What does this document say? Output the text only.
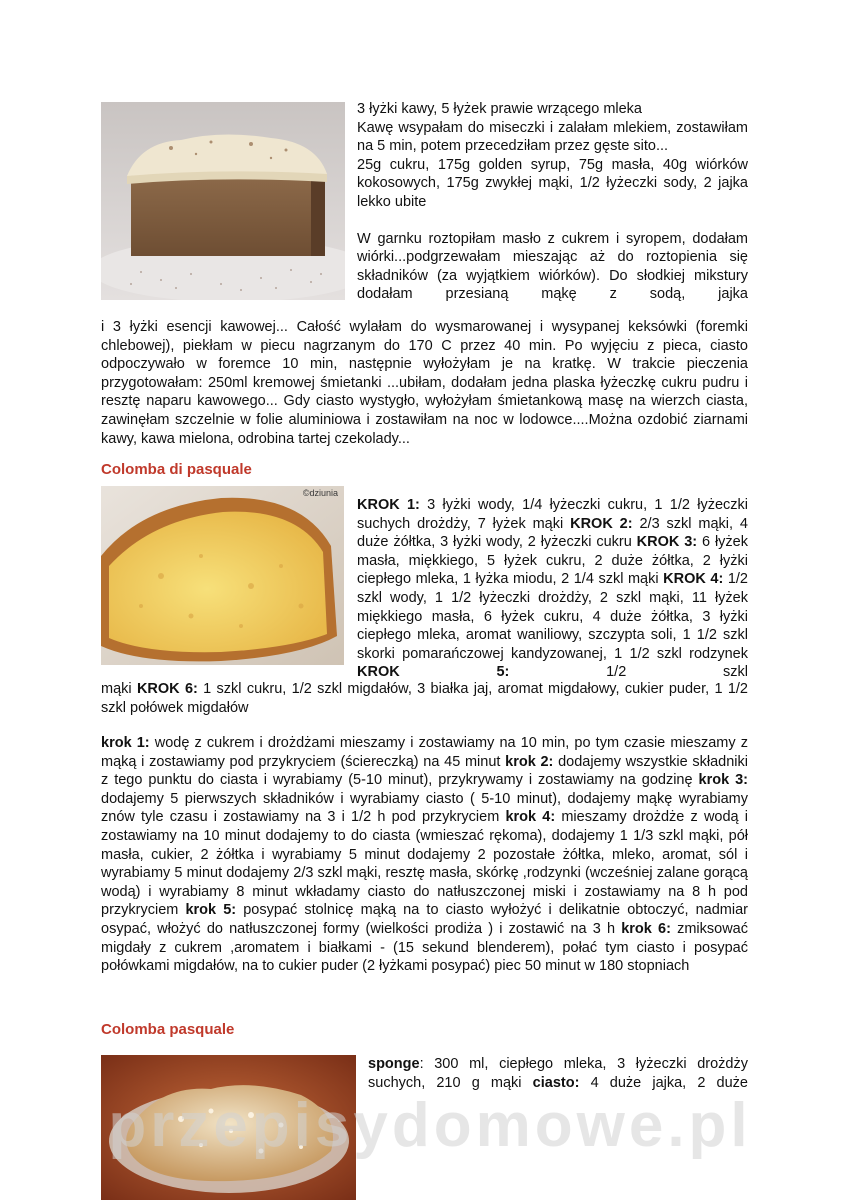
3 łyżki kawy, 5 łyżek prawie wrzącego mleka

Kawę wsypałam do miseczki i zalałam mlekiem, zostawiłam na 5 min, potem przecedziłam przez gęste sito...

25g cukru, 175g golden syrup, 75g masła, 40g wiórków kokosowych, 175g zwykłej mąki, 1/2 łyżeczki sody, 2 jajka lekko ubite

W garnku roztopiłam masło z cukrem i syropem, dodałam wiórki...podgrzewałam mieszając aż do roztopienia się składników (za wyjątkiem wiórków). Do słodkiej mikstury dodałam przesianą mąkę z sodą, jajka

i 3 łyżki esencji kawowej... Całość wylałam do wysmarowanej i wysypanej keksówki (foremki chlebowej), piekłam w piecu nagrzanym do 170 C przez 40 min. Po wyjęciu z pieca, ciasto odpoczywało w foremce 10 min, następnie wyłożyłam je na kratkę. W trakcie pieczenia przygotowałam: 250ml kremowej śmietanki ...ubiłam, dodałam jedna plaska łyżeczkę cukru pudru i resztę naparu kawowego... Gdy ciasto wystygło, wyłożyłam śmietankową masę na wierzch ciasta, zawinęłam szczelnie w folie aluminiowa i zostawiłam na noc w lodowce....Można ozdobić ziarnami kawy, kawa mielona, odrobina tartej czekolady...

Colomba di pasquale
©dziunia

KROK 1: 3 łyżki wody, 1/4 łyżeczki cukru, 1 1/2 łyżeczki suchych drożdży, 7 łyżek mąki KROK 2: 2/3 szkl mąki, 4 duże żółtka, 3 łyżki wody, 2 łyżeczki cukru KROK 3: 6 łyżek masła, miękkiego, 5 łyżek cukru, 2 duże żółtka, 2 łyżki ciepłego mleka, 1 łyżka miodu, 2 1/4 szkl mąki KROK 4: 1/2 szkl wody, 1 1/2 łyżeczki drożdży, 2 szkl mąki, 11 łyżek miękkiego masła, 6 łyżek cukru, 4 duże żółtka, 3 łyżki ciepłego mleka, aromat waniliowy, szczypta soli, 1 1/2 szkl skorki pomarańczowej kandyzowanej, 1 1/2 szkl rodzynek KROK 5: 1/2 szkl

mąki KROK 6: 1 szkl cukru, 1/2 szkl migdałów, 3 białka jaj, aromat migdałowy, cukier puder, 1 1/2 szkl połówek migdałów

krok 1: wodę z cukrem i drożdżami mieszamy i zostawiamy na 10 min, po tym czasie mieszamy z mąką i zostawiamy pod przykryciem (ściereczką) na 45 minut krok 2: dodajemy wszystkie składniki z tego punktu do ciasta i wyrabiamy (5-10 minut), przykrywamy i zostawiamy na godzinę krok 3: dodajemy 5 pierwszych składników i wyrabiamy ciasto ( 5-10 minut), dodajemy mąkę wyrabiamy znów tyle czasu i zostawiamy na 3 i 1/2 h pod przykryciem krok 4: mieszamy drożdże z wodą i zostawiamy na 10 minut dodajemy to do ciasta (wmieszać rękoma), dodajemy 1 1/3 szkl mąki, pół masła, cukier, 2 żółtka i wyrabiamy 5 minut dodajemy 2 pozostałe żółtka, mleko, aromat, sól i wyrabiamy 5 minut dodajemy 2/3 szkl mąki, resztę masła, skórkę ,rodzynki (wcześniej zalane gorącą wodą) i wyrabiamy 8 minut wkładamy ciasto do natłuszczonej miski i zostawiamy na 8 h pod przykryciem krok 5: posypać stolnicę mąką na to ciasto wyłożyć i delikatnie obtoczyć, nadmiar osypać, włożyć do natłuszczonej formy (wielkości prodiża ) i zostawić na 3 h krok 6: zmiksować migdały z cukrem ,aromatem i białkami - (15 sekund blenderem), połać tym ciasto i posypać połówkami migdałów, na to cukier puder (2 łyżkami posypać) piec 50 minut w 180 stopniach

Colomba pasquale

sponge: 300 ml, ciepłego mleka, 3 łyżeczki drożdży suchych, 210 g mąki ciasto: 4 duże jajka, 2 duże

przepisydomowe.pl
